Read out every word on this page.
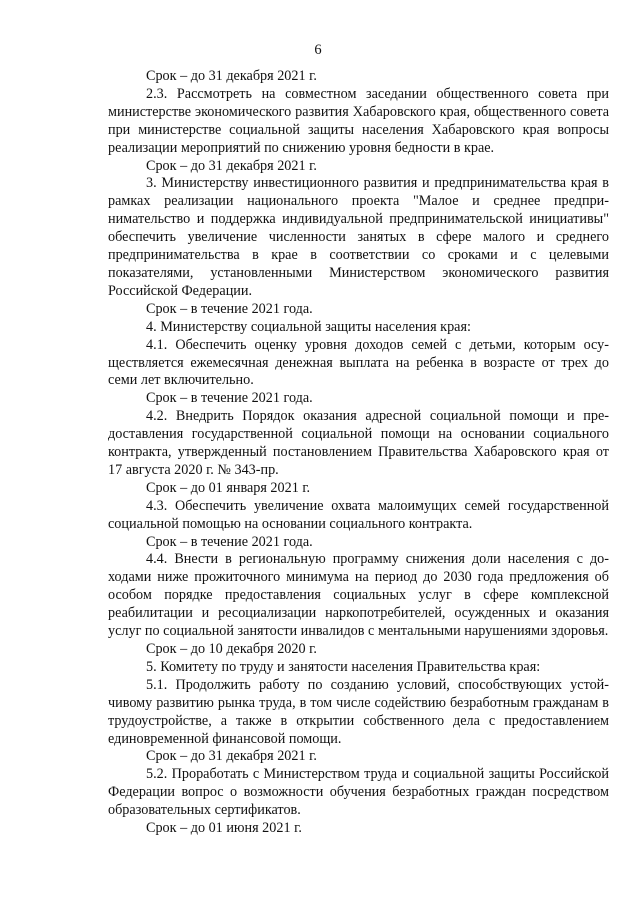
6

Срок – до 31 декабря 2021 г.

2.3. Рассмотреть на совместном заседании общественного совета при министерстве экономического развития Хабаровского края, общественного совета при министерстве социальной защиты населения Хабаровского края вопросы реализации мероприятий по снижению уровня бедности в крае.

Срок – до 31 декабря 2021 г.

3. Министерству инвестиционного развития и предпринимательства края в рамках реализации национального проекта "Малое и среднее предпринимательство и поддержка индивидуальной предпринимательской инициативы" обеспечить увеличение численности занятых в сфере малого и среднего предпринимательства в крае в соответствии со сроками и с целевыми показателями, установленными Министерством экономического развития Российской Федерации.

Срок – в течение 2021 года.

4. Министерству социальной защиты населения края:

4.1. Обеспечить оценку уровня доходов семей с детьми, которым осуществляется ежемесячная денежная выплата на ребенка в возрасте от трех до семи лет включительно.

Срок – в течение 2021 года.

4.2. Внедрить Порядок оказания адресной социальной помощи и предоставления государственной социальной помощи на основании социального контракта, утвержденный постановлением Правительства Хабаровского края от 17 августа 2020 г. № 343-пр.

Срок – до 01 января 2021 г.

4.3. Обеспечить увеличение охвата малоимущих семей государственной социальной помощью на основании социального контракта.

Срок – в течение 2021 года.

4.4. Внести в региональную программу снижения доли населения с доходами ниже прожиточного минимума на период до 2030 года предложения об особом порядке предоставления социальных услуг в сфере комплексной реабилитации и ресоциализации наркопотребителей, осужденных и оказания услуг по социальной занятости инвалидов с ментальными нарушениями здоровья.

Срок – до 10 декабря 2020 г.

5. Комитету по труду и занятости населения Правительства края:

5.1. Продолжить работу по созданию условий, способствующих устойчивому развитию рынка труда, в том числе содействию безработным гражданам в трудоустройстве, а также в открытии собственного дела с предоставлением единовременной финансовой помощи.

Срок – до 31 декабря 2021 г.

5.2. Проработать с Министерством труда и социальной защиты Российской Федерации вопрос о возможности обучения безработных граждан посредством образовательных сертификатов.

Срок – до 01 июня 2021 г.
